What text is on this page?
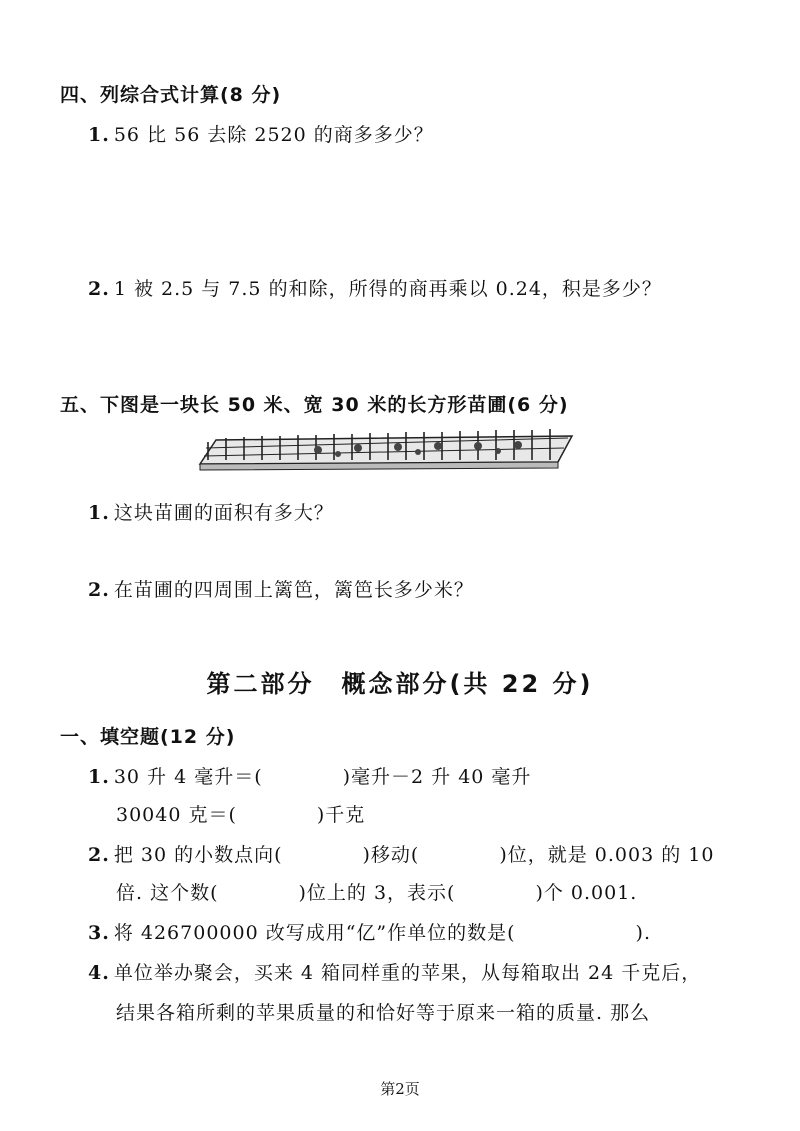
四、列综合式计算(8 分)
1. 56 比 56 去除 2520 的商多多少？
2. 1 被 2.5 与 7.5 的和除，所得的商再乘以 0.24，积是多少？
五、下图是一块长 50 米、宽 30 米的长方形苗圃(6 分)
1. 这块苗圃的面积有多大？
2. 在苗圃的四周围上篱笆，篱笆长多少米？
第二部分　概念部分(共 22 分)
一、填空题(12 分)
1. 30 升 4 毫升＝(　　　　)毫升－2 升 40 毫升
30040 克＝(　　　　)千克
2. 把 30 的小数点向(　　　　)移动(　　　　)位，就是 0.003 的 10
倍. 这个数(　　　　)位上的 3，表示(　　　　)个 0.001.
3. 将 426700000 改写成用“亿”作单位的数是(　　　　　　).
4. 单位举办聚会，买来 4 箱同样重的苹果，从每箱取出 24 千克后，
结果各箱所剩的苹果质量的和恰好等于原来一箱的质量. 那么
第2页
